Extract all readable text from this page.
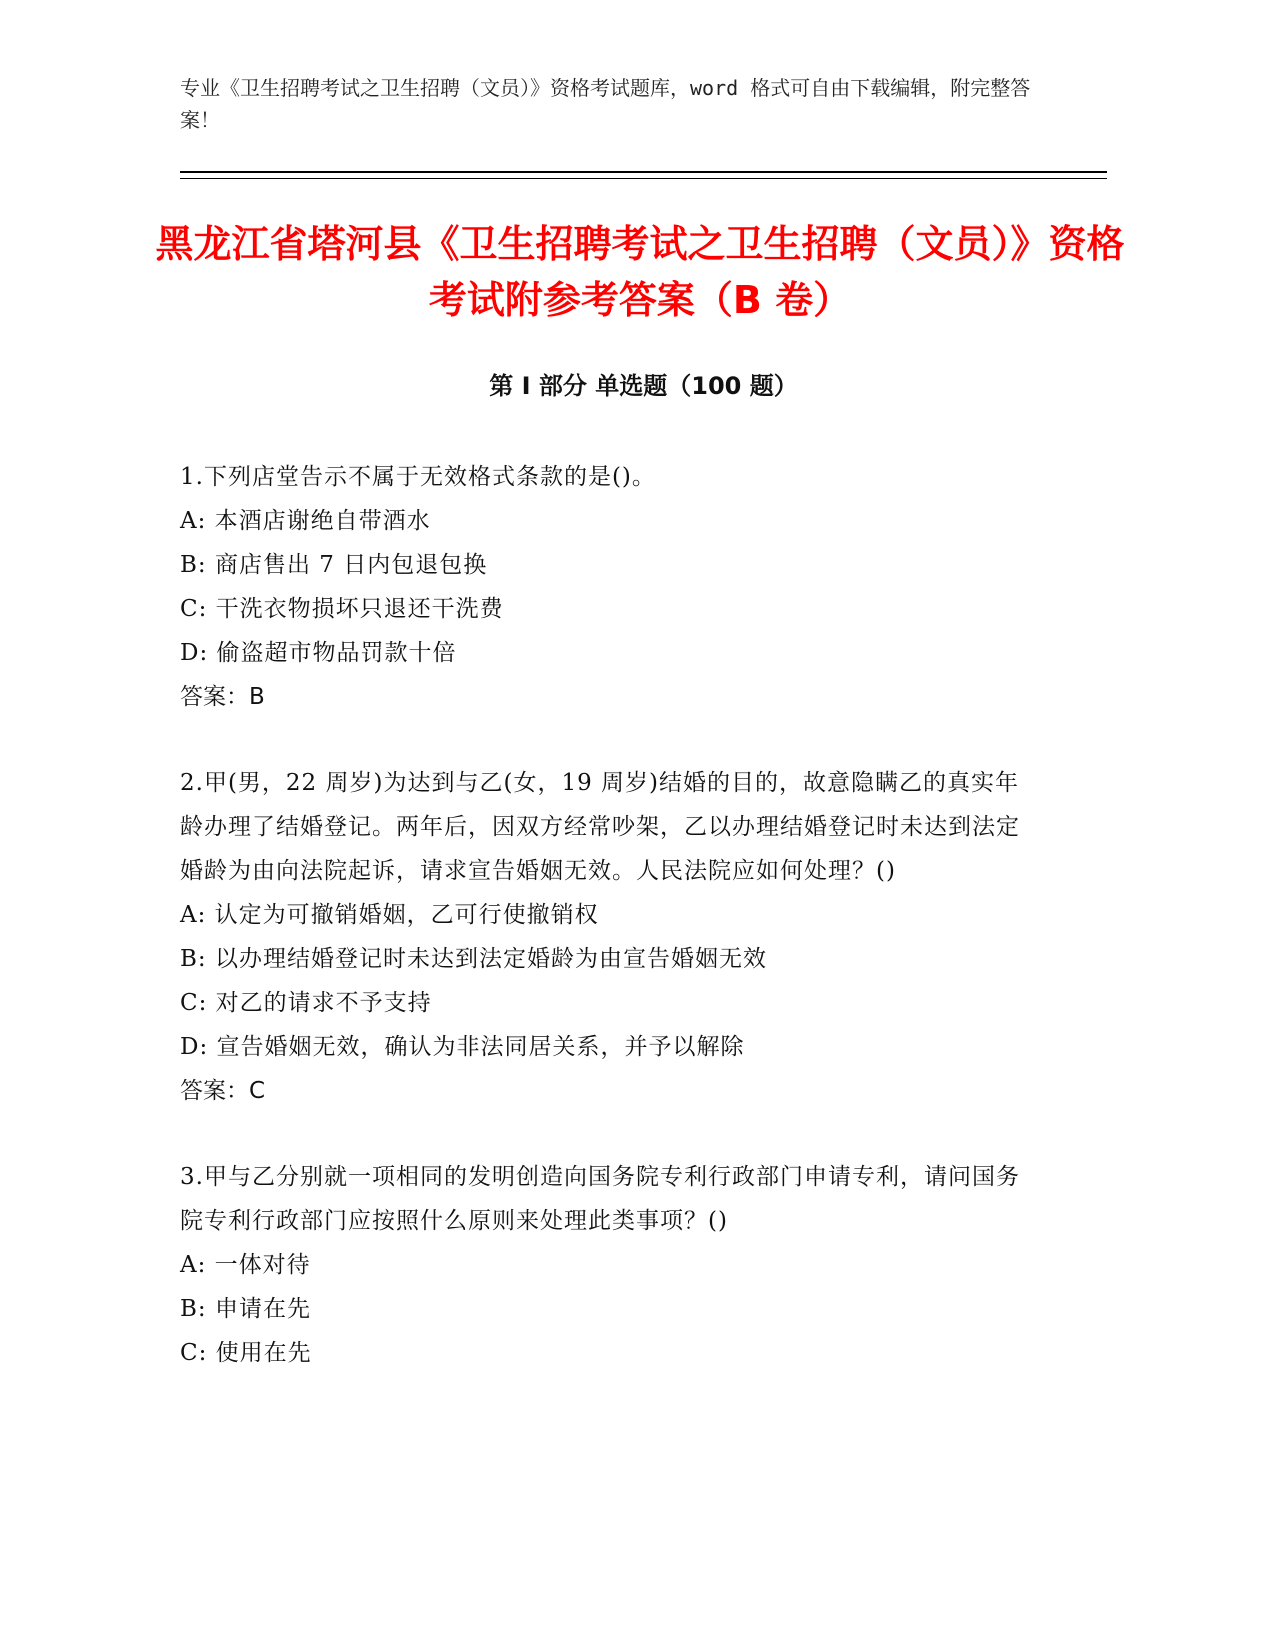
专业《卫生招聘考试之卫生招聘（文员）》资格考试题库，word 格式可自由下载编辑，附完整答案！

黑龙江省塔河县《卫生招聘考试之卫生招聘（文员）》资格考试附参考答案（B 卷）
第 I 部分 单选题（100 题）
1.下列店堂告示不属于无效格式条款的是()。
A: 本酒店谢绝自带酒水
B: 商店售出 7 日内包退包换
C: 干洗衣物损坏只退还干洗费
D: 偷盗超市物品罚款十倍
答案：B
2.甲(男，22 周岁)为达到与乙(女，19 周岁)结婚的目的，故意隐瞒乙的真实年龄办理了结婚登记。两年后，因双方经常吵架，乙以办理结婚登记时未达到法定婚龄为由向法院起诉，请求宣告婚姻无效。人民法院应如何处理？()
A: 认定为可撤销婚姻，乙可行使撤销权
B: 以办理结婚登记时未达到法定婚龄为由宣告婚姻无效
C: 对乙的请求不予支持
D: 宣告婚姻无效，确认为非法同居关系，并予以解除
答案：C
3.甲与乙分别就一项相同的发明创造向国务院专利行政部门申请专利，请问国务院专利行政部门应按照什么原则来处理此类事项？()
A: 一体对待
B: 申请在先
C: 使用在先
